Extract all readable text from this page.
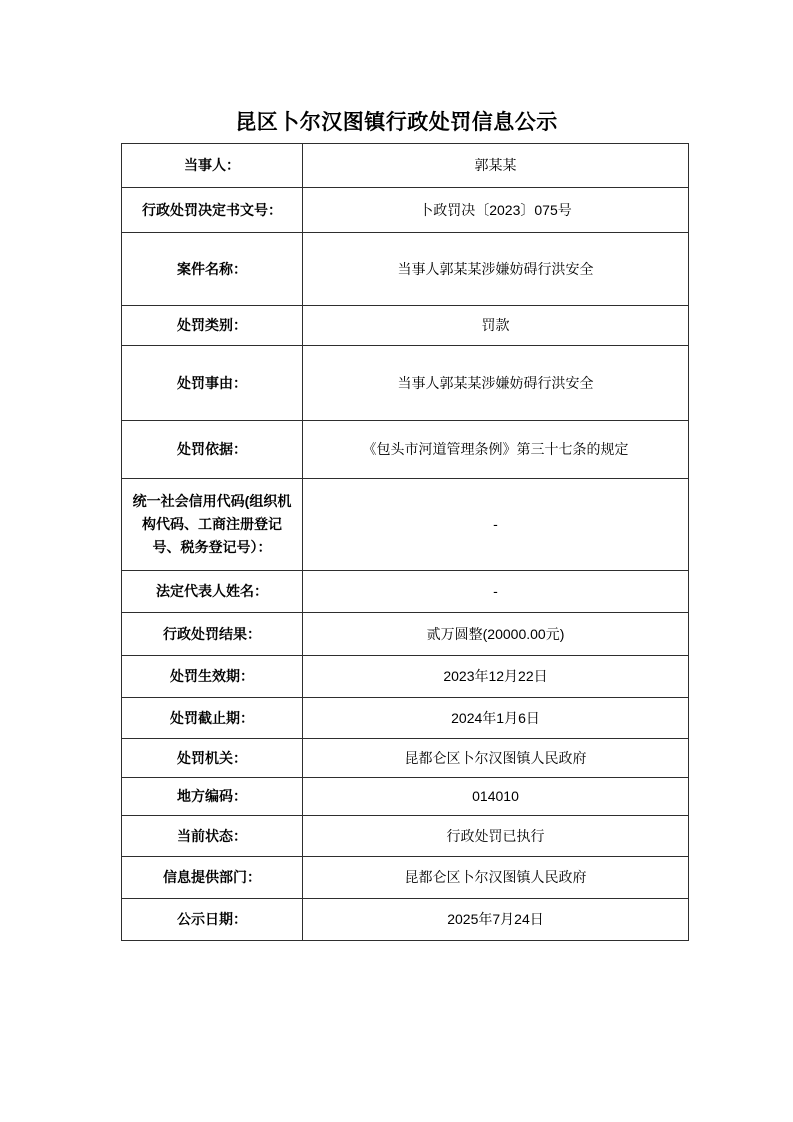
昆区卜尔汉图镇行政处罚信息公示
当事人：	郭某某
行政处罚决定书文号：	卜政罚决〔2023〕075号
案件名称：	当事人郭某某涉嫌妨碍行洪安全
处罚类别：	罚款
处罚事由：	当事人郭某某涉嫌妨碍行洪安全
处罚依据：	《包头市河道管理条例》第三十七条的规定
统一社会信用代码(组织机构代码、工商注册登记号、税务登记号）：	-
法定代表人姓名：	-
行政处罚结果：	贰万圆整(20000.00元)
处罚生效期：	2023年12月22日
处罚截止期：	2024年1月6日
处罚机关：	昆都仑区卜尔汉图镇人民政府
地方编码：	014010
当前状态：	行政处罚已执行
信息提供部门：	昆都仑区卜尔汉图镇人民政府
公示日期：	2025年7月24日
